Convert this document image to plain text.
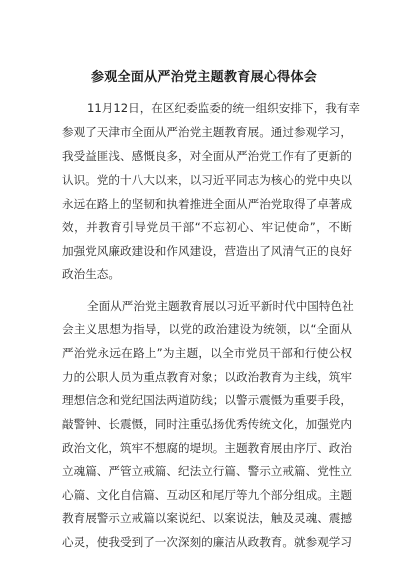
参观全面从严治党主题教育展心得体会
11月12日，在区纪委监委的统一组织安排下，我有幸
参观了天津市全面从严治党主题教育展。通过参观学习，
我受益匪浅、感慨良多，对全面从严治党工作有了更新的
认识。党的十八大以来，以习近平同志为核心的党中央以
永远在路上的坚韧和执着推进全面从严治党取得了卓著成
效，并教育引导党员干部“不忘初心、牢记使命”，不断
加强党风廉政建设和作风建设，营造出了风清气正的良好
政治生态。
全面从严治党主题教育展以习近平新时代中国特色社
会主义思想为指导，以党的政治建设为统领，以“全面从
严治党永远在路上”为主题，以全市党员干部和行使公权
力的公职人员为重点教育对象；以政治教育为主线，筑牢
理想信念和党纪国法两道防线；以警示震慑为重要手段，
敲警钟、长震慑，同时注重弘扬优秀传统文化，加强党内
政治文化，筑牢不想腐的堤坝。主题教育展由序厅、政治
立魂篇、严管立戒篇、纪法立行篇、警示立戒篇、党性立
心篇、文化自信篇、互动区和尾厅等九个部分组成。主题
教育展警示立戒篇以案说纪、以案说法，触及灵魂、震撼
心灵，使我受到了一次深刻的廉洁从政教育。就参观学习
